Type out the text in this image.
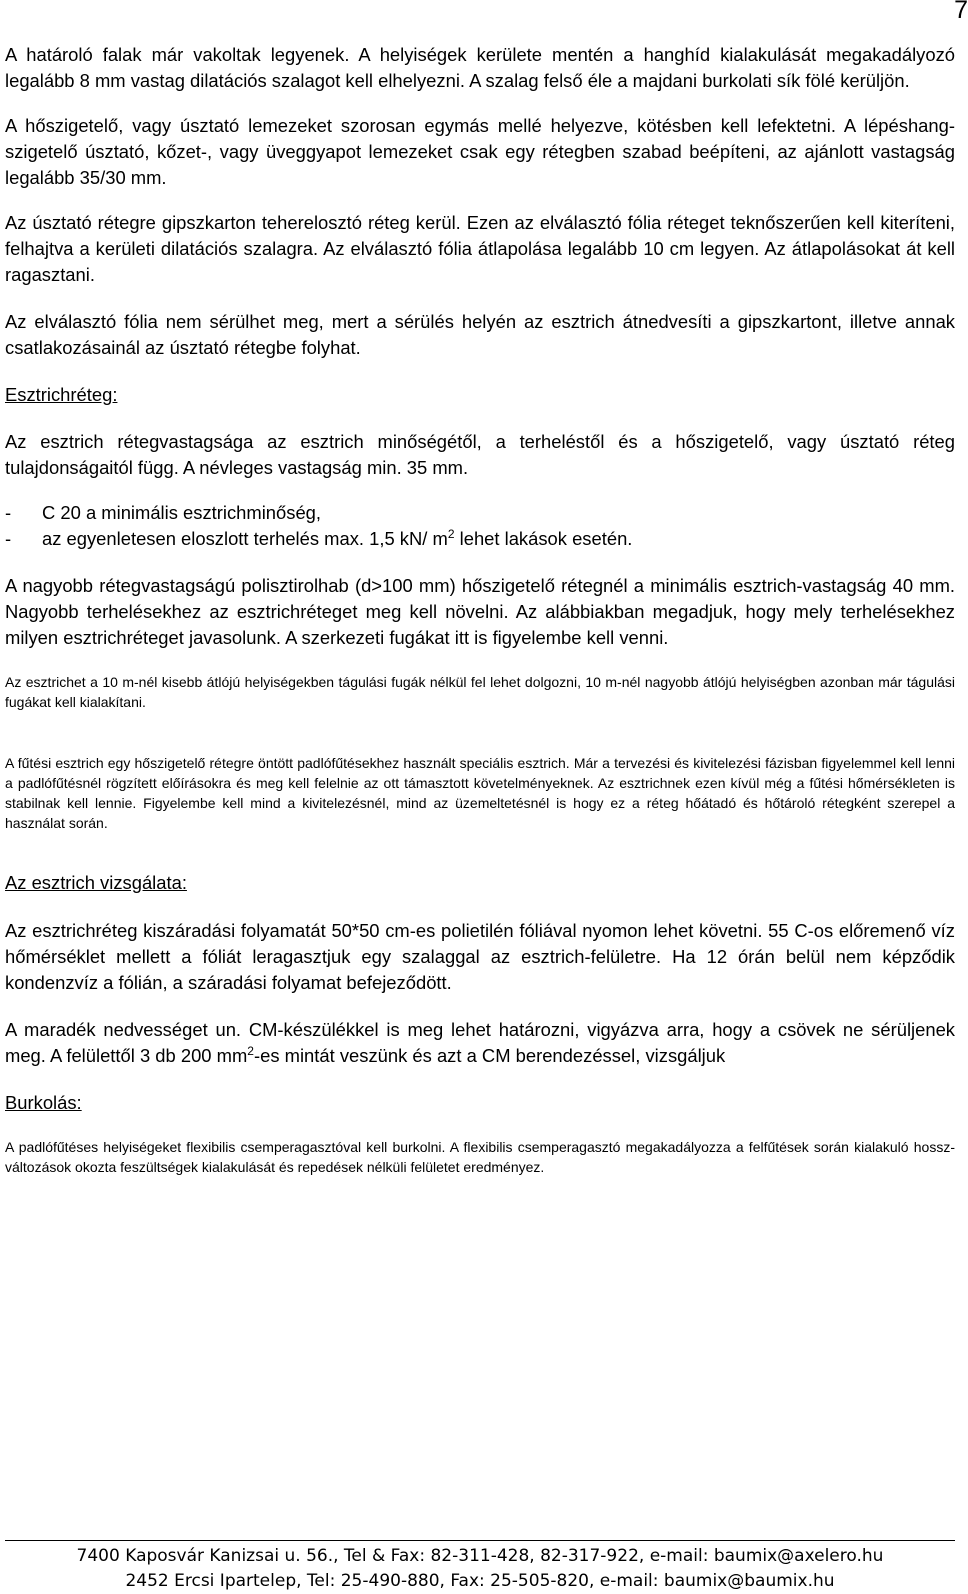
7

A határoló falak már vakoltak legyenek. A helyiségek kerülete mentén a hanghíd kialakulását megakadályozó legalább 8 mm vastag dilatációs szalagot kell elhelyezni. A szalag felső éle a majdani burkolati sík fölé kerüljön.

A hőszigetelő, vagy úsztató lemezeket szorosan egymás mellé helyezve, kötésben kell lefektetni. A lépéshang-szigetelő úsztató, kőzet-, vagy üveggyapot lemezeket csak egy rétegben szabad beépíteni, az ajánlott vastagság legalább 35/30 mm.

Az úsztató rétegre gipszkarton teherelosztó réteg kerül. Ezen az elválasztó fólia réteget teknőszerűen kell kiteríteni, felhajtva a kerületi dilatációs szalagra. Az elválasztó fólia átlapolása legalább 10 cm legyen. Az átlapolásokat át kell ragasztani.

Az elválasztó fólia nem sérülhet meg, mert a sérülés helyén az esztrich átnedvesíti a gipszkartont, illetve annak csatlakozásainál az úsztató rétegbe folyhat.

Esztrichréteg:

Az esztrich rétegvastagsága az esztrich minőségétől, a terheléstől és a hőszigetelő, vagy úsztató réteg tulajdonságaitól függ. A névleges vastagság min. 35 mm.

-	C 20 a minimális esztrichminőség,
-	az egyenletesen eloszlott terhelés max. 1,5 kN/ $m^2$ lehet lakások esetén.

A nagyobb rétegvastagságú polisztirolhab (d>100 mm) hőszigetelő rétegnél a minimális esztrich-vastagság 40 mm. Nagyobb terhelésekhez az esztrichréteget meg kell növelni. Az alábbiakban megadjuk, hogy mely terhelésekhez milyen esztrichréteget javasolunk. A szerkezeti fugákat itt is figyelembe kell venni.

Az esztrichet a 10 m-nél kisebb átlójú helyiségekben tágulási fugák nélkül fel lehet dolgozni, 10 m-nél nagyobb átlójú helyiségben azonban már tágulási fugákat kell kialakítani.

A fűtési esztrich egy hőszigetelő rétegre öntött padlófűtésekhez használt speciális esztrich. Már a tervezési és kivitelezési fázisban figyelemmel kell lenni a padlófűtésnél rögzített előírásokra és meg kell felelnie az ott támasztott követelményeknek. Az esztrichnek ezen kívül még a fűtési hőmérsékleten is stabilnak kell lennie. Figyelembe kell mind a kivitelezésnél, mind az üzemeltetésnél is hogy ez a réteg hőátadó és hőtároló rétegként szerepel a használat során.

Az esztrich vizsgálata:

Az esztrichréteg kiszáradási folyamatát 50*50 cm-es polietilén fóliával nyomon lehet követni. 55 C-os előremenő víz hőmérséklet mellett a fóliát leragasztjuk egy szalaggal az esztrich-felületre. Ha 12 órán belül nem képződik kondenzvíz a fólián, a száradási folyamat befejeződött.

A maradék nedvességet un. CM-készülékkel is meg lehet határozni, vigyázva arra, hogy a csövek ne sérüljenek meg. A felülettől 3 db 200 $mm^2-es$ mintát veszünk és azt a CM berendezéssel, vizsgáljuk

Burkolás:

A padlófűtéses helyiségeket flexibilis csemperagasztóval kell burkolni. A flexibilis csemperagasztó megakadályozza a felfűtések során kialakuló hossz-változások okozta feszültségek kialakulását és repedések nélküli felületet eredményez.

7400 Kaposvár Kanizsai u. 56., Tel & Fax: 82-311-428, 82-317-922, e-mail: baumix@axelero.hu
2452 Ercsi Ipartelep, Tel: 25-490-880, Fax: 25-505-820, e-mail: baumix@baumix.hu
